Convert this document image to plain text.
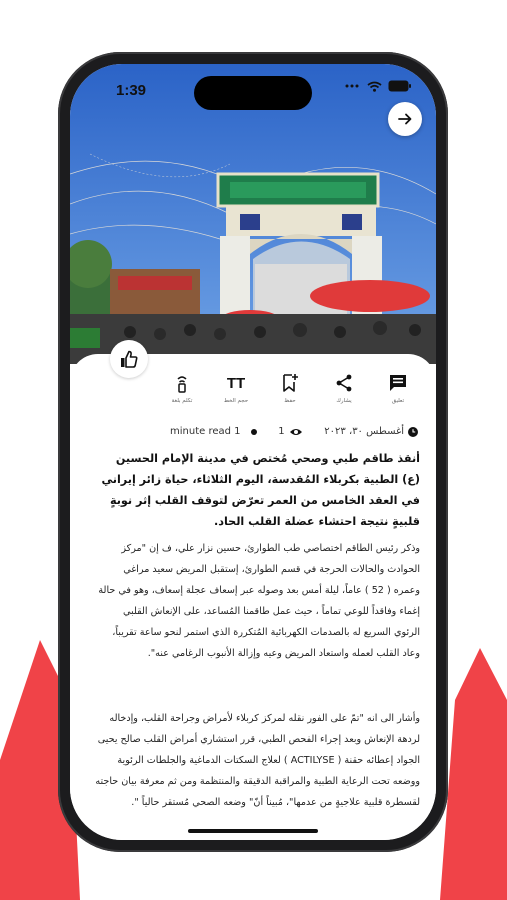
1:39
تكلم بلغة
TT
حجم الخط	حفظ	يشارك	تعليق
minute read 1	1	أغسطس ۳۰، ۲۰۲۳
أنقذ طاقم طبي وصحي مُختص في مدينة الإمام الحسين (ع) الطبية بكربلاء المُقدسة، اليوم الثلاثاء، حياة زائر إيراني في العقد الخامس من العمر تعرّض لتوقف القلب إثر نوبةٍ قلبيةٍ نتيجة احتشاء عضلة القلب الحاد.
وذكر رئيس الطاقم اختصاصي طب الطوارئ، حسين نزار علي، ف إن "مركز الحوادث والحالات الحرجة في قسم الطوارئ، إستقبل المريض سعيد مراغي وعمره ( 52 ) عاماً، ليلة أمس بعد وصوله عبر إسعاف عجلة إسعاف، وهو في حالة إغماء وفاقداً للوعي تماماً ، حيث عمل طاقمنا المُساعد، على الإنعاش القلبي الرئوي السريع له بالصدمات الكهربائية المُتكررة الذي استمر لنحو ساعة تقريباً، وعاد القلب لعمله واستعاد المريض وعيه وإزالة الأنبوب الرغامي عنه".
وأشار الى انه "تمّ على الفور نقله لمركز كربلاء لأمراض وجراحة القلب، وإدخاله لردهة الإنعاش وبعد إجراء الفحص الطبي، قرر استشاري أمراض القلب صالح يحيى الجواد إعطائه حقنة ( ACTILYSE ) لعلاج السكتات الدماغية والجلطات الرئوية ووضعه تحت الرعاية الطبية والمراقبة الدقيقة والمنتظمة ومن ثم معرفة بيان حاجته لقسطرة قلبية علاجيةٍ من عدمها"، مُبيناً أنّ" وضعه الصحي مُستقر حالياً ".
